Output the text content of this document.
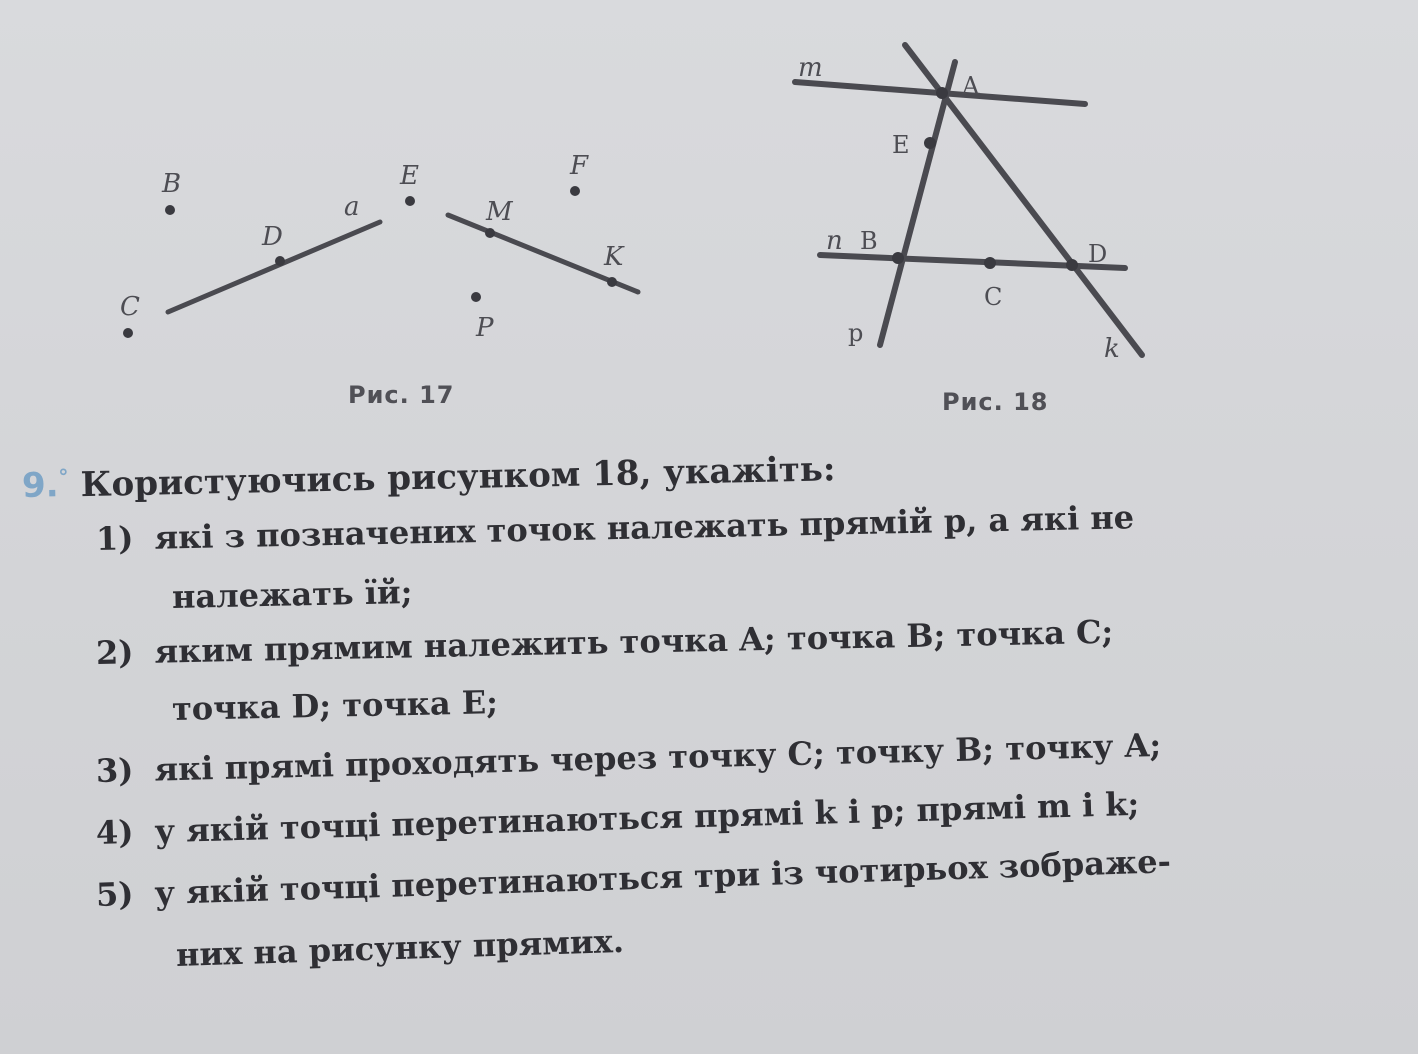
B
C
D
a
E
M
F
K
P
Рис. 17
m
A
E
n B	D
C
p
k
Рис. 18
9.° Користуючись рисунком 18, укажіть:
1) які з позначених точок належать прямій p, а які не
належать їй;
2) яким прямим належить точка A; точка B; точка C;
точка D; точка E;
3) які прямі проходять через точку C; точку B; точку A;
4) у якій точці перетинаються прямі k і p; прямі m і k;
5) у якій точці перетинаються три із чотирьох зображе-
них на рисунку прямих.
